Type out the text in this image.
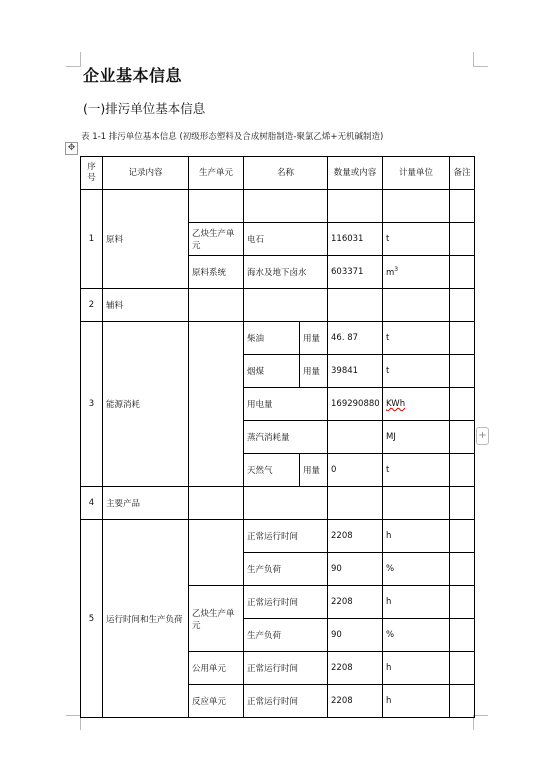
企业基本信息
(一)排污单位基本信息
表 1-1 排污单位基本信息 (初级形态塑料及合成树脂制造-聚氯乙烯+无机碱制造)
✥
+
序号	记录内容	生产单元	名称		数量或内容	计量单位	备注
1	原料						
		乙炔生产单元	电石		116031	t	
		原料系统	海水及地下卤水		603371	$m^3$	
2	辅料						
3	能源消耗		柴油	用量	46. 87	t	
			烟煤	用量	39841	t	
			用电量		169290880	KWh	
			蒸汽消耗量			MJ	
			天然气	用量	0	t	
4	主要产品						
5	运行时间和生产负荷		正常运行时间		2208	h	
			生产负荷		90	%	
		乙炔生产单元	正常运行时间		2208	h	
			生产负荷		90	%	
		公用单元	正常运行时间		2208	h	
		反应单元	正常运行时间		2208	h	
